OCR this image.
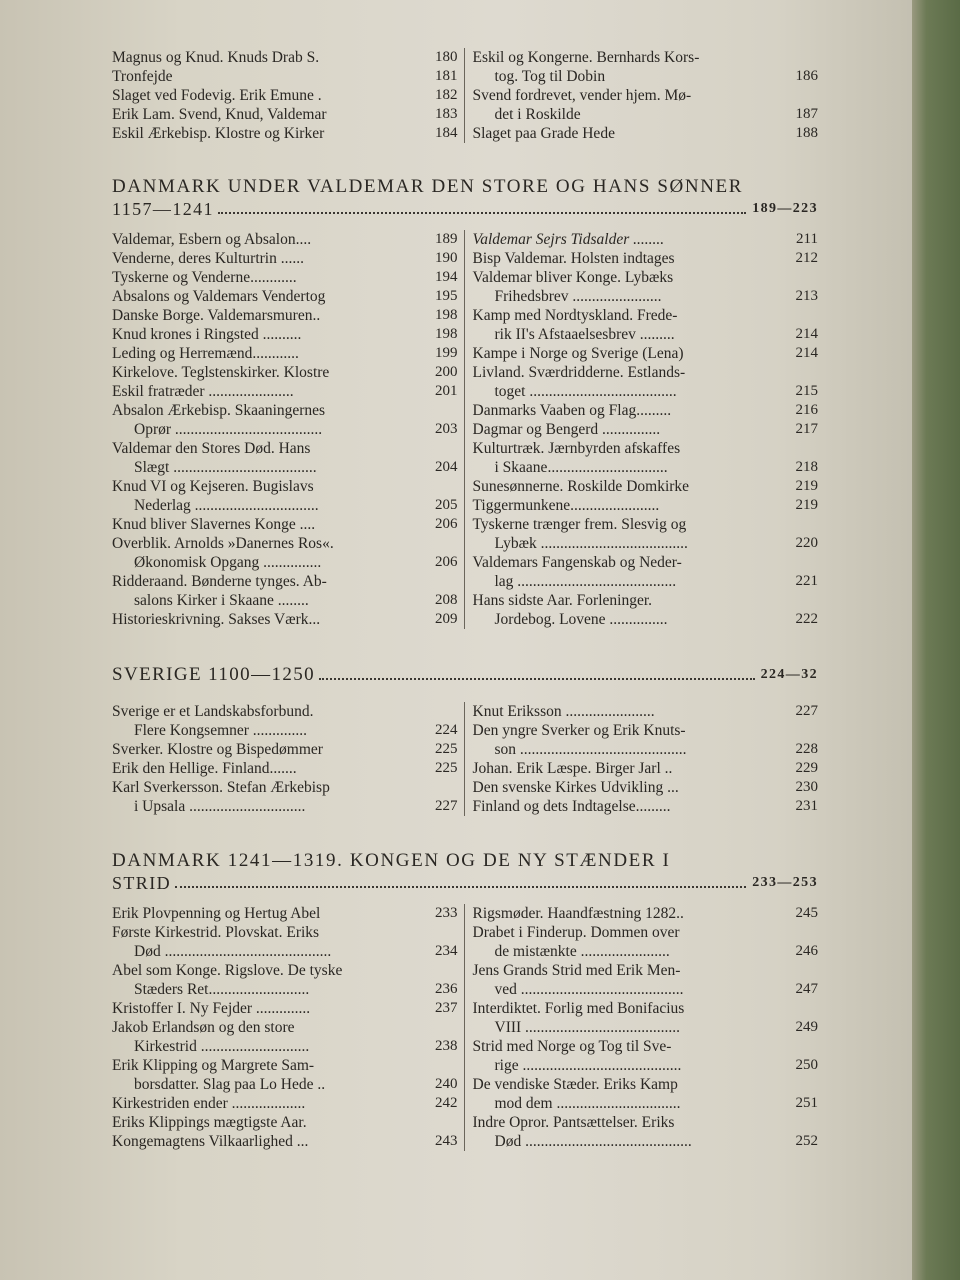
Magnus og Knud. Knuds Drab S.	180
Tronfejde	181
Slaget ved Fodevig. Erik Emune .	182
Erik Lam. Svend, Knud, Valdemar	183
Eskil Ærkebisp. Klostre og Kirker	184
Eskil og Kongerne. Bernhards Kors-
tog. Tog til Dobin	186
Svend fordrevet, vender hjem. Mø-
det i Roskilde	187
Slaget paa Grade Hede	188
DANMARK UNDER VALDEMAR DEN STORE OG HANS SØNNER
1157—1241	189—223
Valdemar, Esbern og Absalon....	189
Venderne, deres Kulturtrin ......	190
Tyskerne og Venderne............	194
Absalons og Valdemars Vendertog	195
Danske Borge. Valdemarsmuren..	198
Knud krones i Ringsted ..........	198
Leding og Herremænd............	199
Kirkelove. Teglstenskirker. Klostre	200
Eskil fratræder ......................	201
Absalon Ærkebisp. Skaaningernes
Oprør ......................................	203
Valdemar den Stores Død. Hans
Slægt .....................................	204
Knud VI og Kejseren. Bugislavs
Nederlag ................................	205
Knud bliver Slavernes Konge ....	206
Overblik. Arnolds »Danernes Ros«.
Økonomisk Opgang ...............	206
Ridderaand. Bønderne tynges. Ab-
salons Kirker i Skaane ........	208
Historieskrivning. Sakses Værk...	209
Valdemar Sejrs Tidsalder ........	211
Bisp Valdemar. Holsten indtages	212
Valdemar bliver Konge. Lybæks
Frihedsbrev .......................	213
Kamp med Nordtyskland. Frede-
rik II's Afstaaelsesbrev .........	214
Kampe i Norge og Sverige (Lena)	214
Livland. Sværdridderne. Estlands-
toget ......................................	215
Danmarks Vaaben og Flag.........	216
Dagmar og Bengerd ...............	217
Kulturtræk. Jærnbyrden afskaffes
i Skaane...............................	218
Sunesønnerne. Roskilde Domkirke	219
Tiggermunkene.......................	219
Tyskerne trænger frem. Slesvig og
Lybæk ......................................	220
Valdemars Fangenskab og Neder-
lag .........................................	221
Hans sidste Aar. Forleninger.
Jordebog. Lovene ...............	222
SVERIGE 1100—1250	224—32
Sverige er et Landskabsforbund.
Flere Kongsemner ..............	224
Sverker. Klostre og Bispedømmer	225
Erik den Hellige. Finland.......	225
Karl Sverkersson. Stefan Ærkebisp
i Upsala ..............................	227
Knut Eriksson .......................	227
Den yngre Sverker og Erik Knuts-
son ...........................................	228
Johan. Erik Læspe. Birger Jarl ..	229
Den svenske Kirkes Udvikling ...	230
Finland og dets Indtagelse.........	231
DANMARK 1241—1319. KONGEN OG DE NY STÆNDER I
STRID	233—253
Erik Plovpenning og Hertug Abel	233
Første Kirkestrid. Plovskat. Eriks
Død ...........................................	234
Abel som Konge. Rigslove. De tyske
Stæders Ret..........................	236
Kristoffer I. Ny Fejder ..............	237
Jakob Erlandsøn og den store
Kirkestrid ............................	238
Erik Klipping og Margrete Sam-
borsdatter. Slag paa Lo Hede ..	240
Kirkestriden ender ...................	242
Eriks Klippings mægtigste Aar.
Kongemagtens Vilkaarlighed ...	243
Rigsmøder. Haandfæstning 1282..	245
Drabet i Finderup. Dommen over
de mistænkte .......................	246
Jens Grands Strid med Erik Men-
ved ..........................................	247
Interdiktet. Forlig med Bonifacius
VIII ........................................	249
Strid med Norge og Tog til Sve-
rige .........................................	250
De vendiske Stæder. Eriks Kamp
mod dem ................................	251
Indre Opror. Pantsættelser. Eriks
Død ...........................................	252
